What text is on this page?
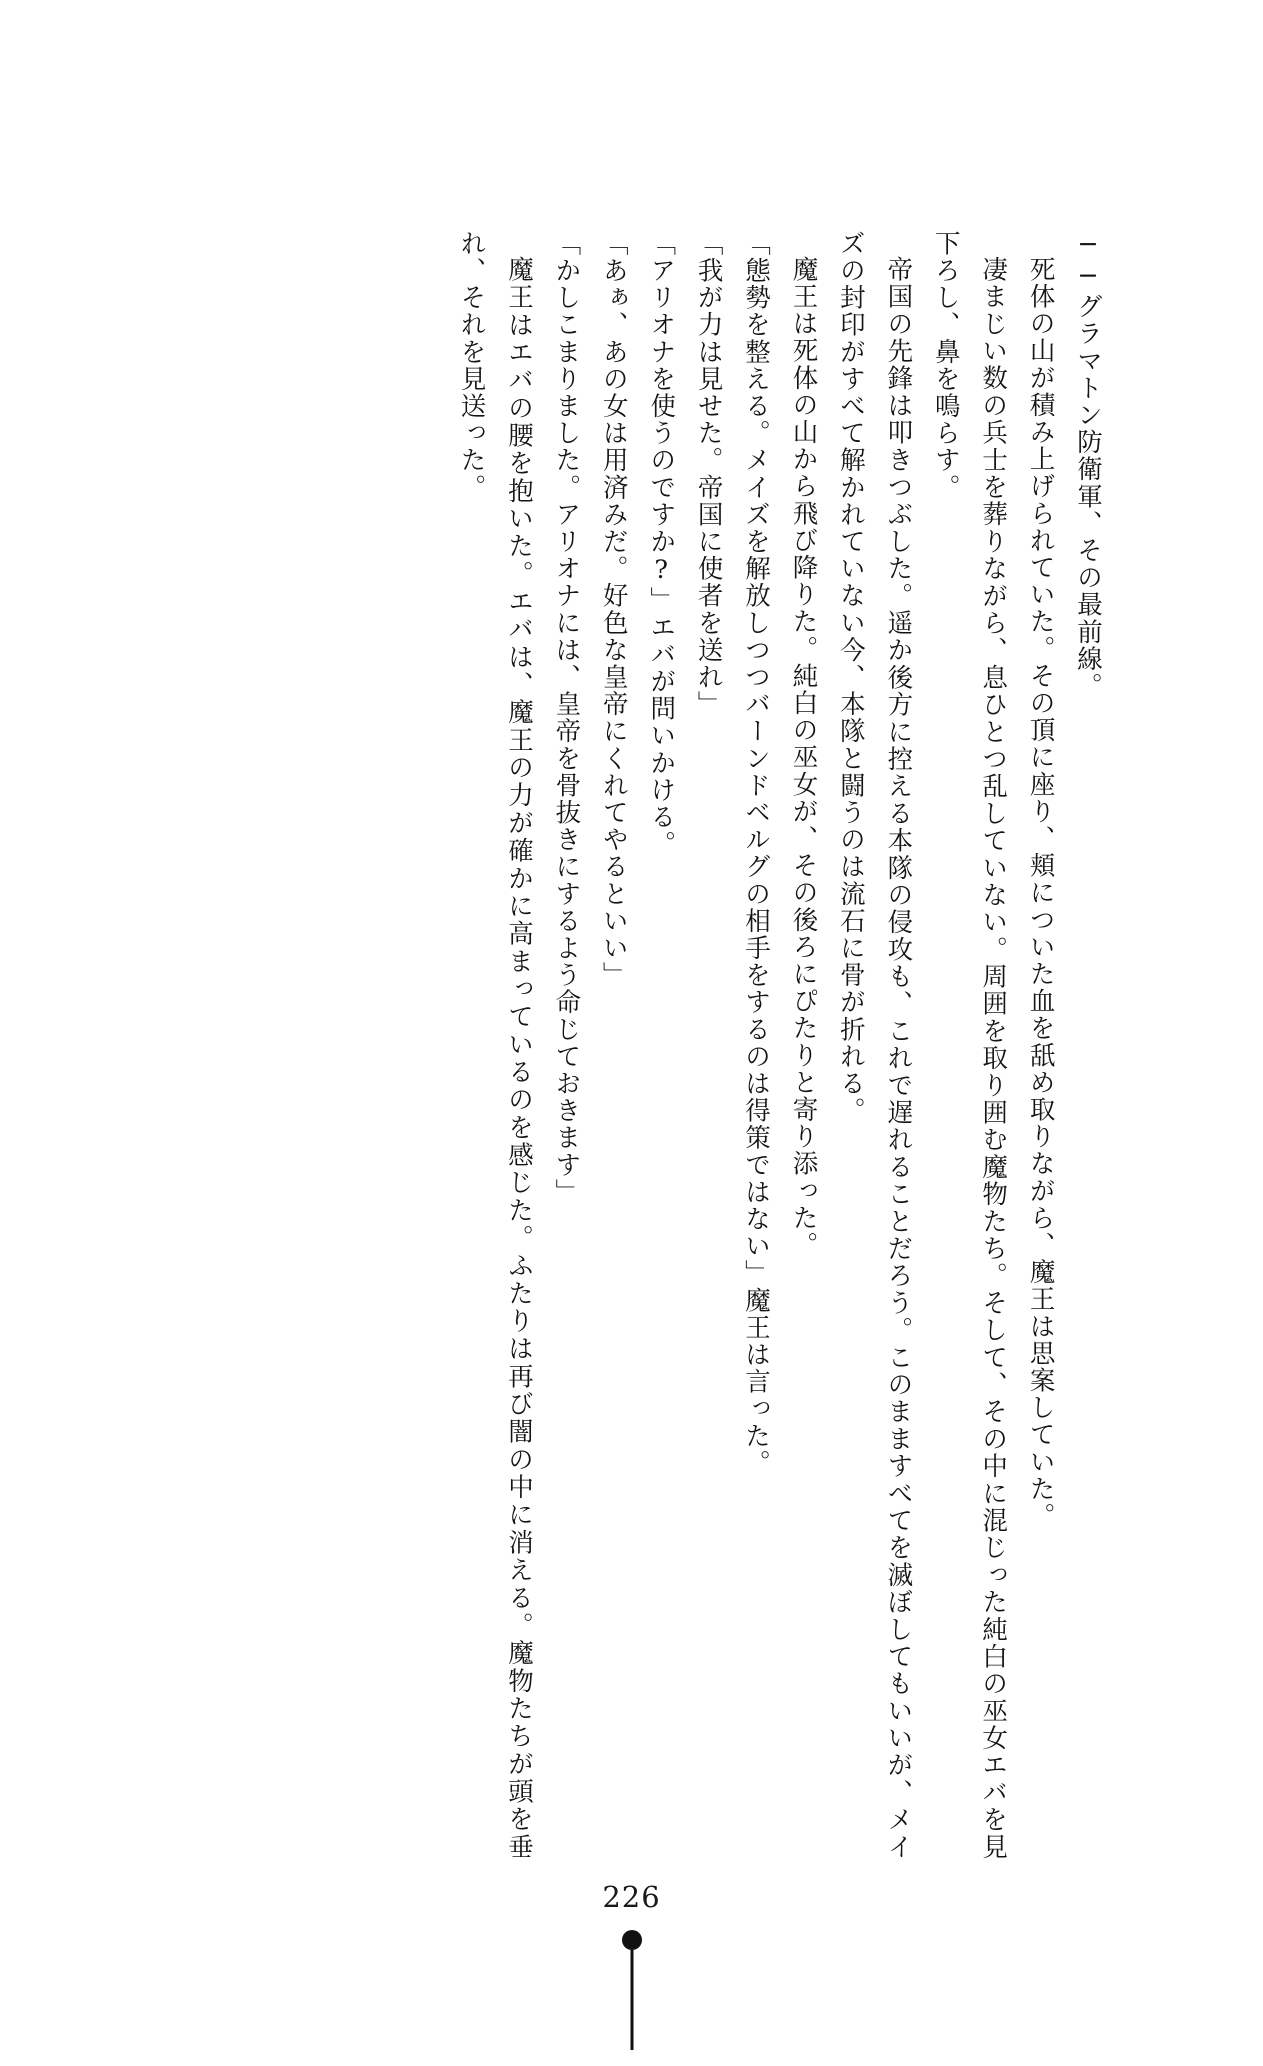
──グラマトン防衛軍、その最前線。

死体の山が積み上げられていた。その頂に座り、頬についた血を舐め取りながら、魔王は思案していた。

凄まじい数の兵士を葬りながら、息ひとつ乱していない。周囲を取り囲む魔物たち。そして、その中に混じった純白の巫女エバを見下ろし、鼻を鳴らす。

帝国の先鋒は叩きつぶした。遥か後方に控える本隊の侵攻も、これで遅れることだろう。このまますべてを滅ぼしてもいいが、メイズの封印がすべて解かれていない今、本隊と闘うのは流石に骨が折れる。

魔王は死体の山から飛び降りた。純白の巫女が、その後ろにぴたりと寄り添った。

「態勢を整える。メイズを解放しつつバーンドベルグの相手をするのは得策ではない」魔王は言った。

「我が力は見せた。帝国に使者を送れ」

「アリオナを使うのですか?」エバが問いかける。

「あぁ、あの女は用済みだ。好色な皇帝にくれてやるといい」

「かしこまりました。アリオナには、皇帝を骨抜きにするよう命じておきます」

魔王はエバの腰を抱いた。エバは、魔王の力が確かに高まっているのを感じた。ふたりは再び闇の中に消える。魔物たちが頭を垂れ、それを見送った。

226
